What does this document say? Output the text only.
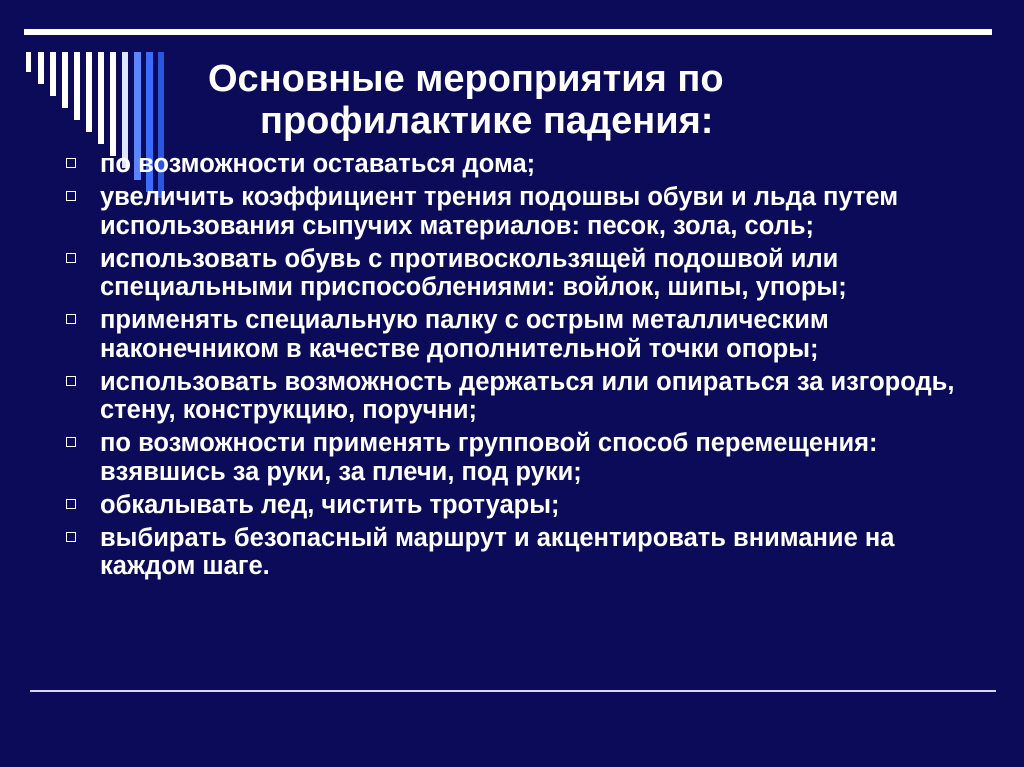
Основные мероприятия по
профилактике падения:
по возможности оставаться дома;
увеличить коэффициент трения подошвы обуви и льда путем использования сыпучих материалов: песок, зола, соль;
использовать обувь с противоскользящей подошвой или специальными приспособлениями: войлок, шипы, упоры;
применять специальную палку с острым металлическим наконечником в качестве дополнительной точки опоры;
использовать возможность держаться или опираться за изгородь, стену, конструкцию, поручни;
по возможности применять групповой способ перемещения: взявшись за руки, за плечи, под руки;
обкалывать лед, чистить тротуары;
выбирать безопасный маршрут и акцентировать внимание на каждом шаге.
